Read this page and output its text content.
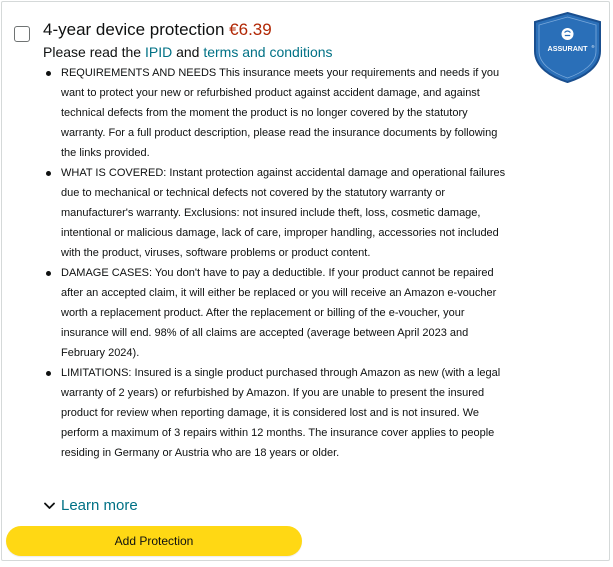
4-year device protection €6.39
Please read the IPID and terms and conditions	ASSURANT ®
REQUIREMENTS AND NEEDS This insurance meets your requirements and needs if you want to protect your new or refurbished product against accident damage, and against technical defects from the moment the product is no longer covered by the statutory warranty. For a full product description, please read the insurance documents by following the links provided.
WHAT IS COVERED: Instant protection against accidental damage and operational failures due to mechanical or technical defects not covered by the statutory warranty or manufacturer's warranty. Exclusions: not insured include theft, loss, cosmetic damage, intentional or malicious damage, lack of care, improper handling, accessories not included with the product, viruses, software problems or product content.
DAMAGE CASES: You don't have to pay a deductible. If your product cannot be repaired after an accepted claim, it will either be replaced or you will receive an Amazon e-voucher worth a replacement product. After the replacement or billing of the e-voucher, your insurance will end. 98% of all claims are accepted (average between April 2023 and February 2024).
LIMITATIONS: Insured is a single product purchased through Amazon as new (with a legal warranty of 2 years) or refurbished by Amazon. If you are unable to present the insured product for review when reporting damage, it is considered lost and is not insured. We perform a maximum of 3 repairs within 12 months. The insurance cover applies to people residing in Germany or Austria who are 18 years or older.
Learn more
Add Protection
